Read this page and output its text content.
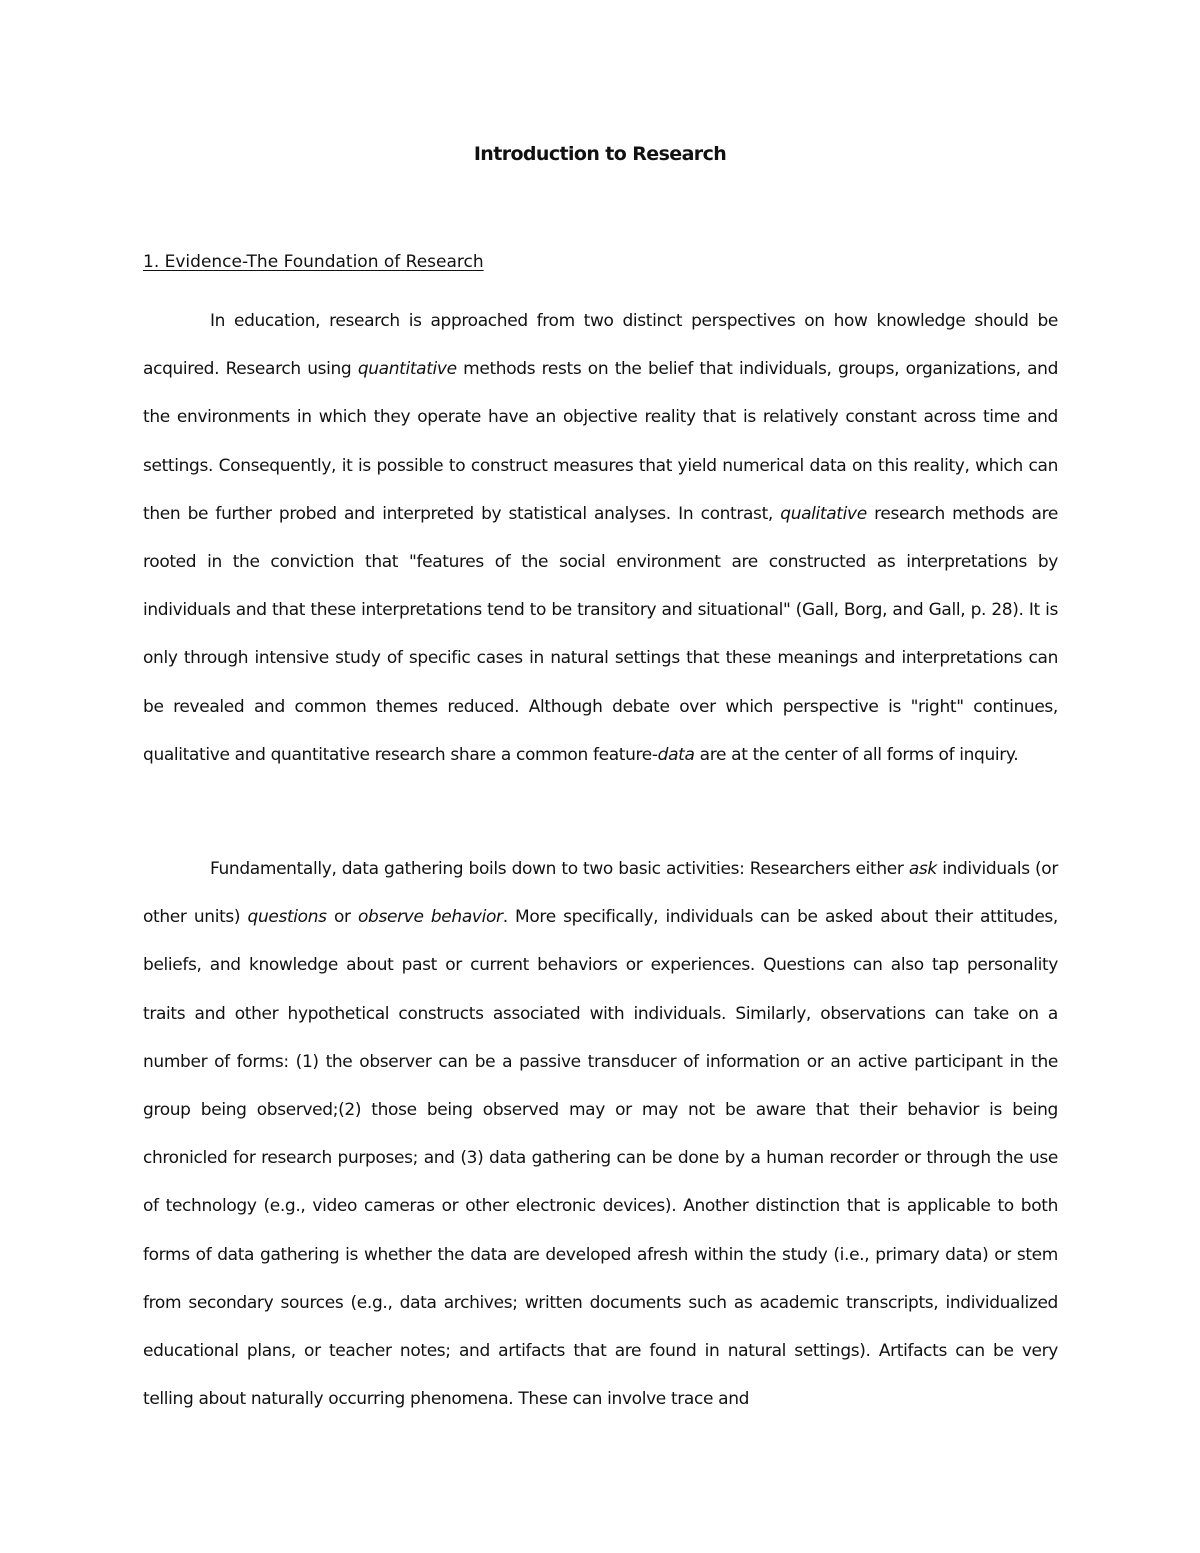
Introduction to Research
1. Evidence-The Foundation of Research

In education, research is approached from two distinct perspectives on how knowledge should be acquired. Research using quantitative methods rests on the belief that individuals, groups, organizations, and the environments in which they operate have an objective reality that is relatively constant across time and settings. Consequently, it is possible to construct measures that yield numerical data on this reality, which can then be further probed and interpreted by statistical analyses. In contrast, qualitative research methods are rooted in the conviction that "features of the social environment are constructed as interpretations by individuals and that these interpretations tend to be transitory and situational" (Gall, Borg, and Gall, p. 28). It is only through intensive study of specific cases in natural settings that these meanings and interpretations can be revealed and common themes reduced. Although debate over which perspective is "right" continues, qualitative and quantitative research share a common feature-data are at the center of all forms of inquiry.

Fundamentally, data gathering boils down to two basic activities: Researchers either ask individuals (or other units) questions or observe behavior. More specifically, individuals can be asked about their attitudes, beliefs, and knowledge about past or current behaviors or experiences. Questions can also tap personality traits and other hypothetical constructs associated with individuals. Similarly, observations can take on a number of forms: (1) the observer can be a passive transducer of information or an active participant in the group being observed;(2) those being observed may or may not be aware that their behavior is being chronicled for research purposes; and (3) data gathering can be done by a human recorder or through the use of technology (e.g., video cameras or other electronic devices). Another distinction that is applicable to both forms of data gathering is whether the data are developed afresh within the study (i.e., primary data) or stem from secondary sources (e.g., data archives; written documents such as academic transcripts, individualized educational plans, or teacher notes; and artifacts that are found in natural settings). Artifacts can be very telling about naturally occurring phenomena. These can involve trace and
